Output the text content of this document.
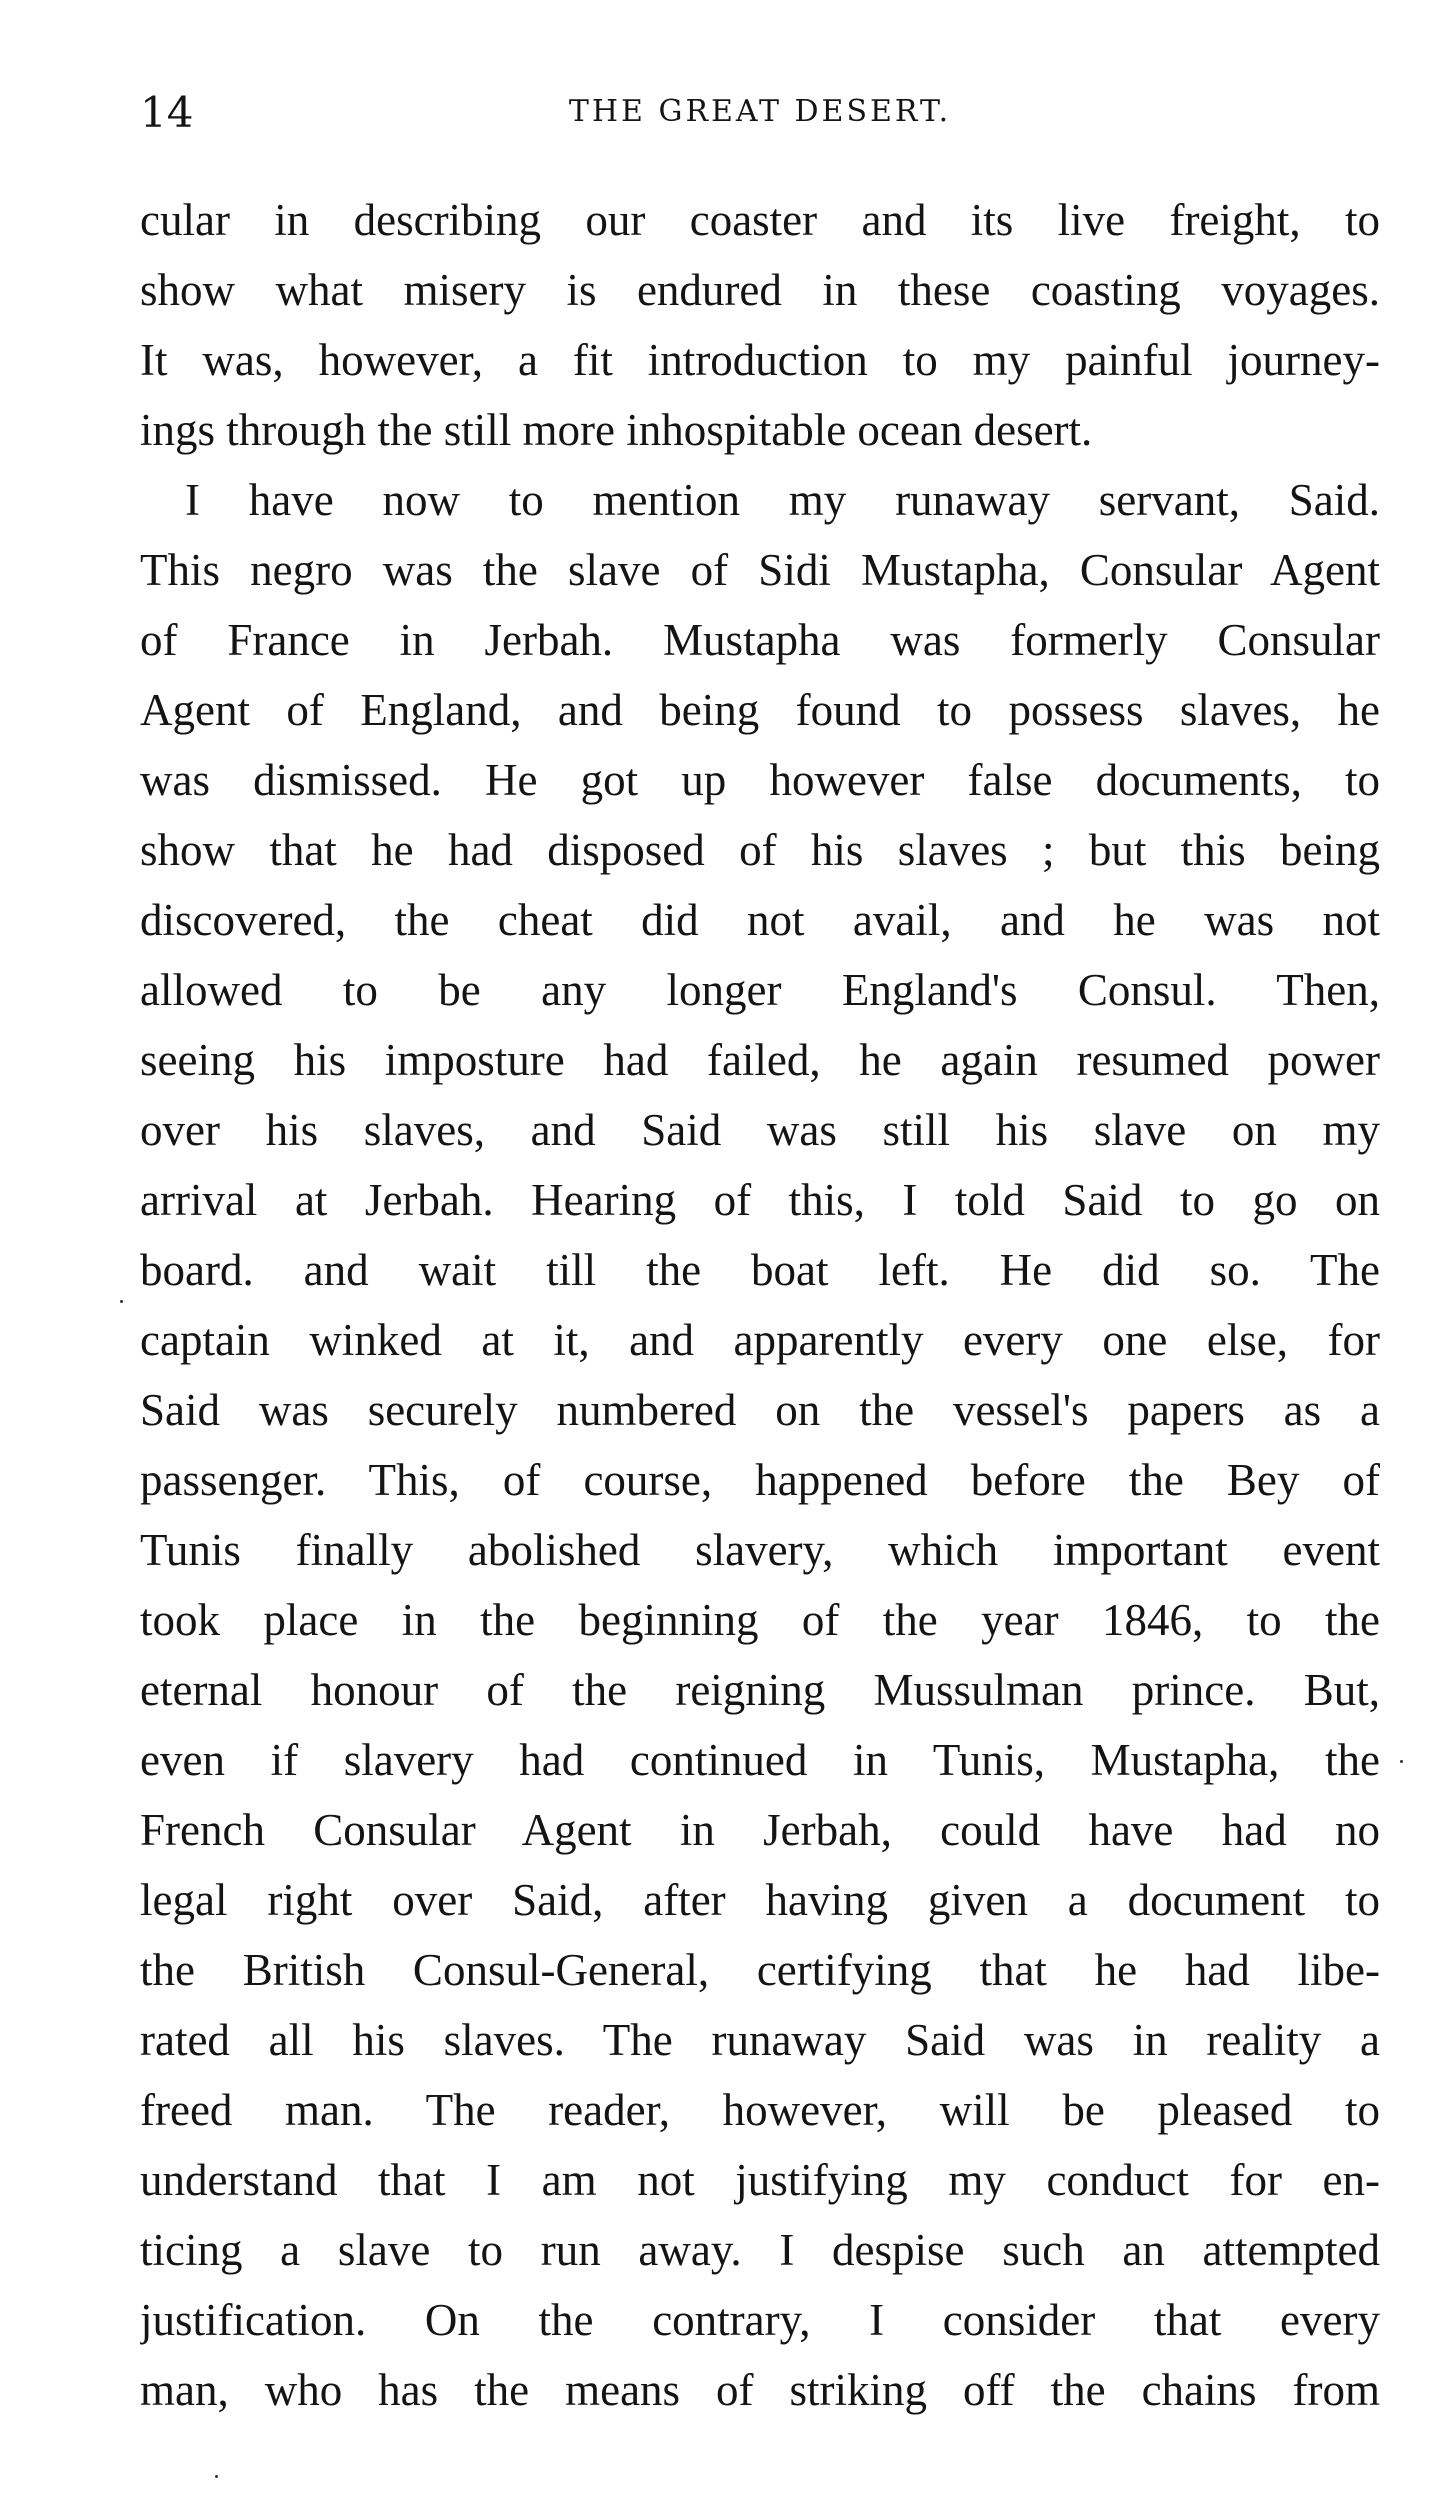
14	THE GREAT DESERT.
cular in describing our coaster and its live freight, to
show what misery is endured in these coasting voyages.
It was, however, a fit introduction to my painful journey-
ings through the still more inhospitable ocean desert.
I have now to mention my runaway servant, Said.
This negro was the slave of Sidi Mustapha, Consular Agent
of France in Jerbah. Mustapha was formerly Consular
Agent of England, and being found to possess slaves, he
was dismissed. He got up however false documents, to
show that he had disposed of his slaves ; but this being
discovered, the cheat did not avail, and he was not
allowed to be any longer England's Consul. Then,
seeing his imposture had failed, he again resumed power
over his slaves, and Said was still his slave on my
arrival at Jerbah. Hearing of this, I told Said to go on
board. and wait till the boat left. He did so. The
captain winked at it, and apparently every one else, for
Said was securely numbered on the vessel's papers as a
passenger. This, of course, happened before the Bey of
Tunis finally abolished slavery, which important event
took place in the beginning of the year 1846, to the
eternal honour of the reigning Mussulman prince. But,
even if slavery had continued in Tunis, Mustapha, the
French Consular Agent in Jerbah, could have had no
legal right over Said, after having given a document to
the British Consul-General, certifying that he had libe-
rated all his slaves. The runaway Said was in reality a
freed man. The reader, however, will be pleased to
understand that I am not justifying my conduct for en-
ticing a slave to run away. I despise such an attempted
justification. On the contrary, I consider that every
man, who has the means of striking off the chains from
